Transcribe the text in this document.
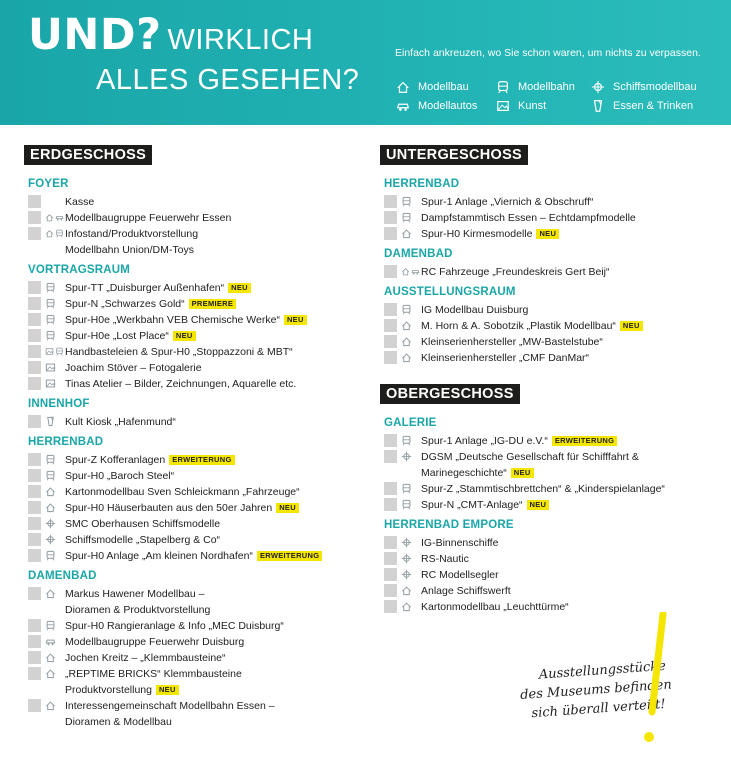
UND? WIRKLICH
ALLES GESEHEN?
Einfach ankreuzen, wo Sie schon waren, um nichts zu verpassen.
Modellbau	Modellbahn	Schiffsmodellbau
Modellautos	Kunst	Essen & Trinken
ERDGESCHOSS
FOYER
Kasse
Modellbaugruppe Feuerwehr Essen
Infostand/Produktvorstellung
Modellbahn Union/DM-Toys
VORTRAGSRAUM
Spur-TT „Duisburger Außenhafen“ NEU
Spur-N „Schwarzes Gold“ PREMIERE
Spur-H0e „Werkbahn VEB Chemische Werke“ NEU
Spur-H0e „Lost Place“ NEU
Handbasteleien & Spur-H0 „Stoppazzoni & MBT“
Joachim Stöver – Fotogalerie
Tinas Atelier – Bilder, Zeichnungen, Aquarelle etc.
INNENHOF
Kult Kiosk „Hafenmund“
HERRENBAD
Spur-Z Kofferanlagen ERWEITERUNG
Spur-H0 „Baroch Steel“
Kartonmodellbau Sven Schleickmann „Fahrzeuge“
Spur-H0 Häuserbauten aus den 50er Jahren NEU
SMC Oberhausen Schiffsmodelle
Schiffsmodelle „Stapelberg & Co“
Spur-H0 Anlage „Am kleinen Nordhafen“ ERWEITERUNG
DAMENBAD
Markus Hawener Modellbau –
Dioramen & Produktvorstellung
Spur-H0 Rangieranlage & Info „MEC Duisburg“
Modellbaugruppe Feuerwehr Duisburg
Jochen Kreitz – „Klemmbausteine“
„REPTIME BRICKS“ Klemmbausteine
Produktvorstellung NEU
Interessengemeinschaft Modellbahn Essen –
Dioramen & Modellbau
UNTERGESCHOSS
HERRENBAD
Spur-1 Anlage „Viernich & Obschruff“
Dampfstammtisch Essen – Echtdampfmodelle
Spur-H0 Kirmesmodelle NEU
DAMENBAD
RC Fahrzeuge „Freundeskreis Gert Beij“
AUSSTELLUNGSRAUM
IG Modellbau Duisburg
M. Horn & A. Sobotzik „Plastik Modellbau“ NEU
Kleinserienhersteller „MW-Bastelstube“
Kleinserienhersteller „CMF DanMar“
OBERGESCHOSS
GALERIE
Spur-1 Anlage „IG-DU e.V.“ ERWEITERUNG
DGSM „Deutsche Gesellschaft für Schifffahrt &
Marinegeschichte“ NEU
Spur-Z „Stammtischbrettchen“ & „Kinderspielanlage“
Spur-N „CMT-Anlage“ NEU
HERRENBAD EMPORE
IG-Binnenschiffe
RS-Nautic
RC Modellsegler
Anlage Schiffswerft
Kartonmodellbau „Leuchttürme“
Ausstellungsstücke
des Museums befinden
sich überall verteilt!
